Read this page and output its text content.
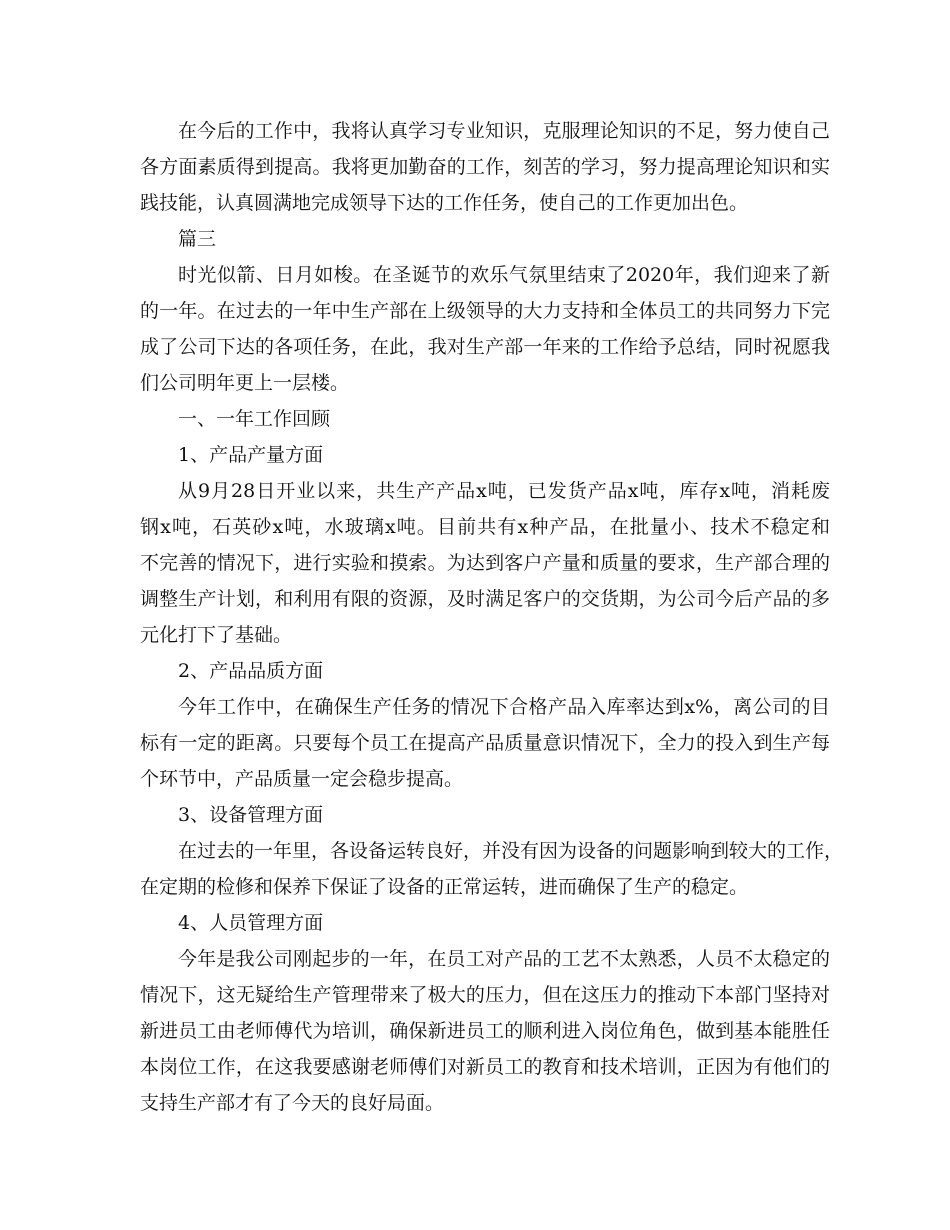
在今后的工作中，我将认真学习专业知识，克服理论知识的不足，努力使自己
各方面素质得到提高。我将更加勤奋的工作，刻苦的学习，努力提高理论知识和实
践技能，认真圆满地完成领导下达的工作任务，使自己的工作更加出色。
篇三
时光似箭、日月如梭。在圣诞节的欢乐气氛里结束了2020年，我们迎来了新
的一年。在过去的一年中生产部在上级领导的大力支持和全体员工的共同努力下完
成了公司下达的各项任务，在此，我对生产部一年来的工作给予总结，同时祝愿我
们公司明年更上一层楼。
一、一年工作回顾
1、产品产量方面
从9月28日开业以来，共生产产品x吨，已发货产品x吨，库存x吨，消耗废
钢x吨，石英砂x吨，水玻璃x吨。目前共有x种产品，在批量小、技术不稳定和
不完善的情况下，进行实验和摸索。为达到客户产量和质量的要求，生产部合理的
调整生产计划，和利用有限的资源，及时满足客户的交货期，为公司今后产品的多
元化打下了基础。
2、产品品质方面
今年工作中，在确保生产任务的情况下合格产品入库率达到x%，离公司的目
标有一定的距离。只要每个员工在提高产品质量意识情况下，全力的投入到生产每
个环节中，产品质量一定会稳步提高。
3、设备管理方面
在过去的一年里，各设备运转良好，并没有因为设备的问题影响到较大的工作，
在定期的检修和保养下保证了设备的正常运转，进而确保了生产的稳定。
4、人员管理方面
今年是我公司刚起步的一年，在员工对产品的工艺不太熟悉，人员不太稳定的
情况下，这无疑给生产管理带来了极大的压力，但在这压力的推动下本部门坚持对
新进员工由老师傅代为培训，确保新进员工的顺利进入岗位角色，做到基本能胜任
本岗位工作，在这我要感谢老师傅们对新员工的教育和技术培训，正因为有他们的
支持生产部才有了今天的良好局面。
